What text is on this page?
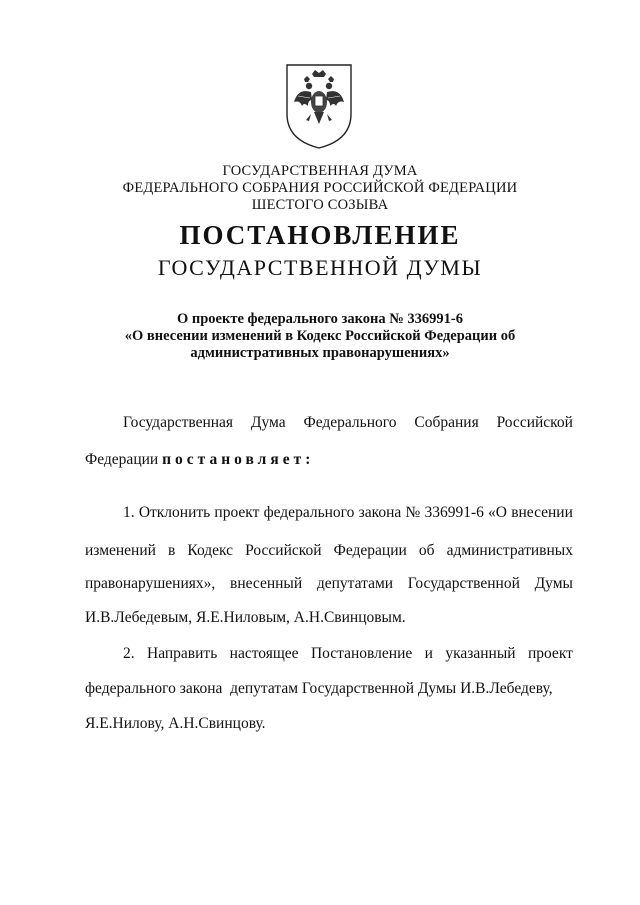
ГОСУДАРСТВЕННАЯ ДУМА
ФЕДЕРАЛЬНОГО СОБРАНИЯ РОССИЙСКОЙ ФЕДЕРАЦИИ
ШЕСТОГО СОЗЫВА
ПОСТАНОВЛЕНИЕ
ГОСУДАРСТВЕННОЙ ДУМЫ
О проекте федерального закона № 336991-6
«О внесении изменений в Кодекс Российской Федерации об
административных правонарушениях»
Государственная Дума Федерального Собрания Российской
Федерации постановляет:
1. Отклонить проект федерального закона № 336991-6 «О внесении
изменений в Кодекс Российской Федерации об административных
правонарушениях», внесенный депутатами Государственной Думы
И.В.Лебедевым, Я.Е.Ниловым, А.Н.Свинцовым.
2. Направить настоящее Постановление и указанный проект
федерального закона  депутатам Государственной Думы И.В.Лебедеву,
Я.Е.Нилову, А.Н.Свинцову.
